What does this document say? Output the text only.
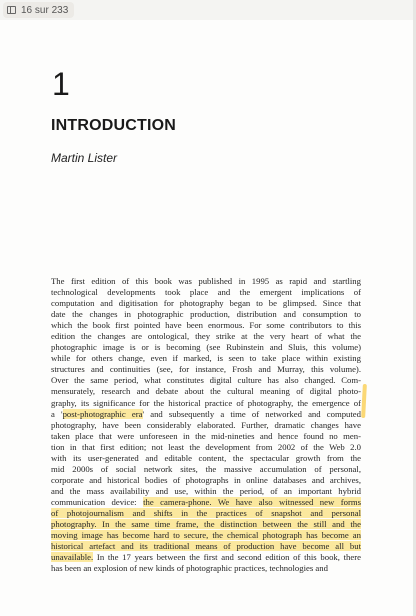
16 sur 233
1
INTRODUCTION
Martin Lister
The first edition of this book was published in 1995 as rapid and startling
technological developments took place and the emergent implications of
computation and digitisation for photography began to be glimpsed. Since that
date the changes in photographic production, distribution and consumption to
which the book first pointed have been enormous. For some contributors to this
edition the changes are ontological, they strike at the very heart of what the
photographic image is or is becoming (see Rubinstein and Sluis, this volume)
while for others change, even if marked, is seen to take place within existing
structures and continuities (see, for instance, Frosh and Murray, this volume).
Over the same period, what constitutes digital culture has also changed. Com-
mensurately, research and debate about the cultural meaning of digital photo-
graphy, its significance for the historical practice of photography, the emergence of
a 'post-photographic era' and subsequently a time of networked and computed
photography, have been considerably elaborated. Further, dramatic changes have
taken place that were unforeseen in the mid-nineties and hence found no men-
tion in that first edition; not least the development from 2002 of the Web 2.0
with its user-generated and editable content, the spectacular growth from the
mid 2000s of social network sites, the massive accumulation of personal,
corporate and historical bodies of photographs in online databases and archives,
and the mass availability and use, within the period, of an important hybrid
communication device: the camera-phone. We have also witnessed new forms
of photojournalism and shifts in the practices of snapshot and personal
photography. In the same time frame, the distinction between the still and the
moving image has become hard to secure, the chemical photograph has become an
historical artefact and its traditional means of production have become all but
unavailable. In the 17 years between the first and second edition of this book, there
has been an explosion of new kinds of photographic practices, technologies and
